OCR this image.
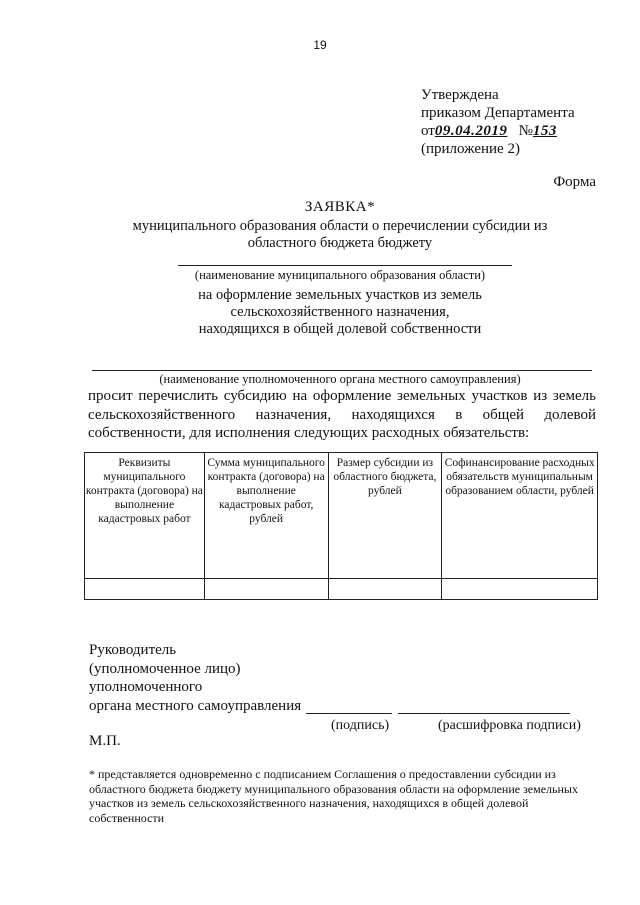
19
Утверждена
приказом Департамента
от09.04.2019 №153
(приложение 2)
Форма
ЗАЯВКА*
муниципального образования области о перечислении субсидии из
областного бюджета бюджету
(наименование муниципального образования области)
на оформление земельных участков из земель
сельскохозяйственного назначения,
находящихся в общей долевой собственности
(наименование уполномоченного органа местного самоуправления)
просит перечислить субсидию на оформление земельных участков из земель
сельскохозяйственного назначения, находящихся в общей долевой
собственности, для исполнения следующих расходных обязательств:
Реквизиты муниципального контракта (договора) на выполнение кадастровых работ	Сумма муниципального контракта (договора) на выполнение кадастровых работ, рублей	Размер субсидии из областного бюджета, рублей	Софинансирование расходных обязательств муниципальным образованием области, рублей

Руководитель
(уполномоченное лицо)
уполномоченного
органа местного самоуправления
(подпись)	(расшифровка подписи)
М.П.
* представляется одновременно с подписанием Соглашения о предоставлении субсидии из областного бюджета бюджету муниципального образования области на оформление земельных участков из земель сельскохозяйственного назначения, находящихся в общей долевой собственности
